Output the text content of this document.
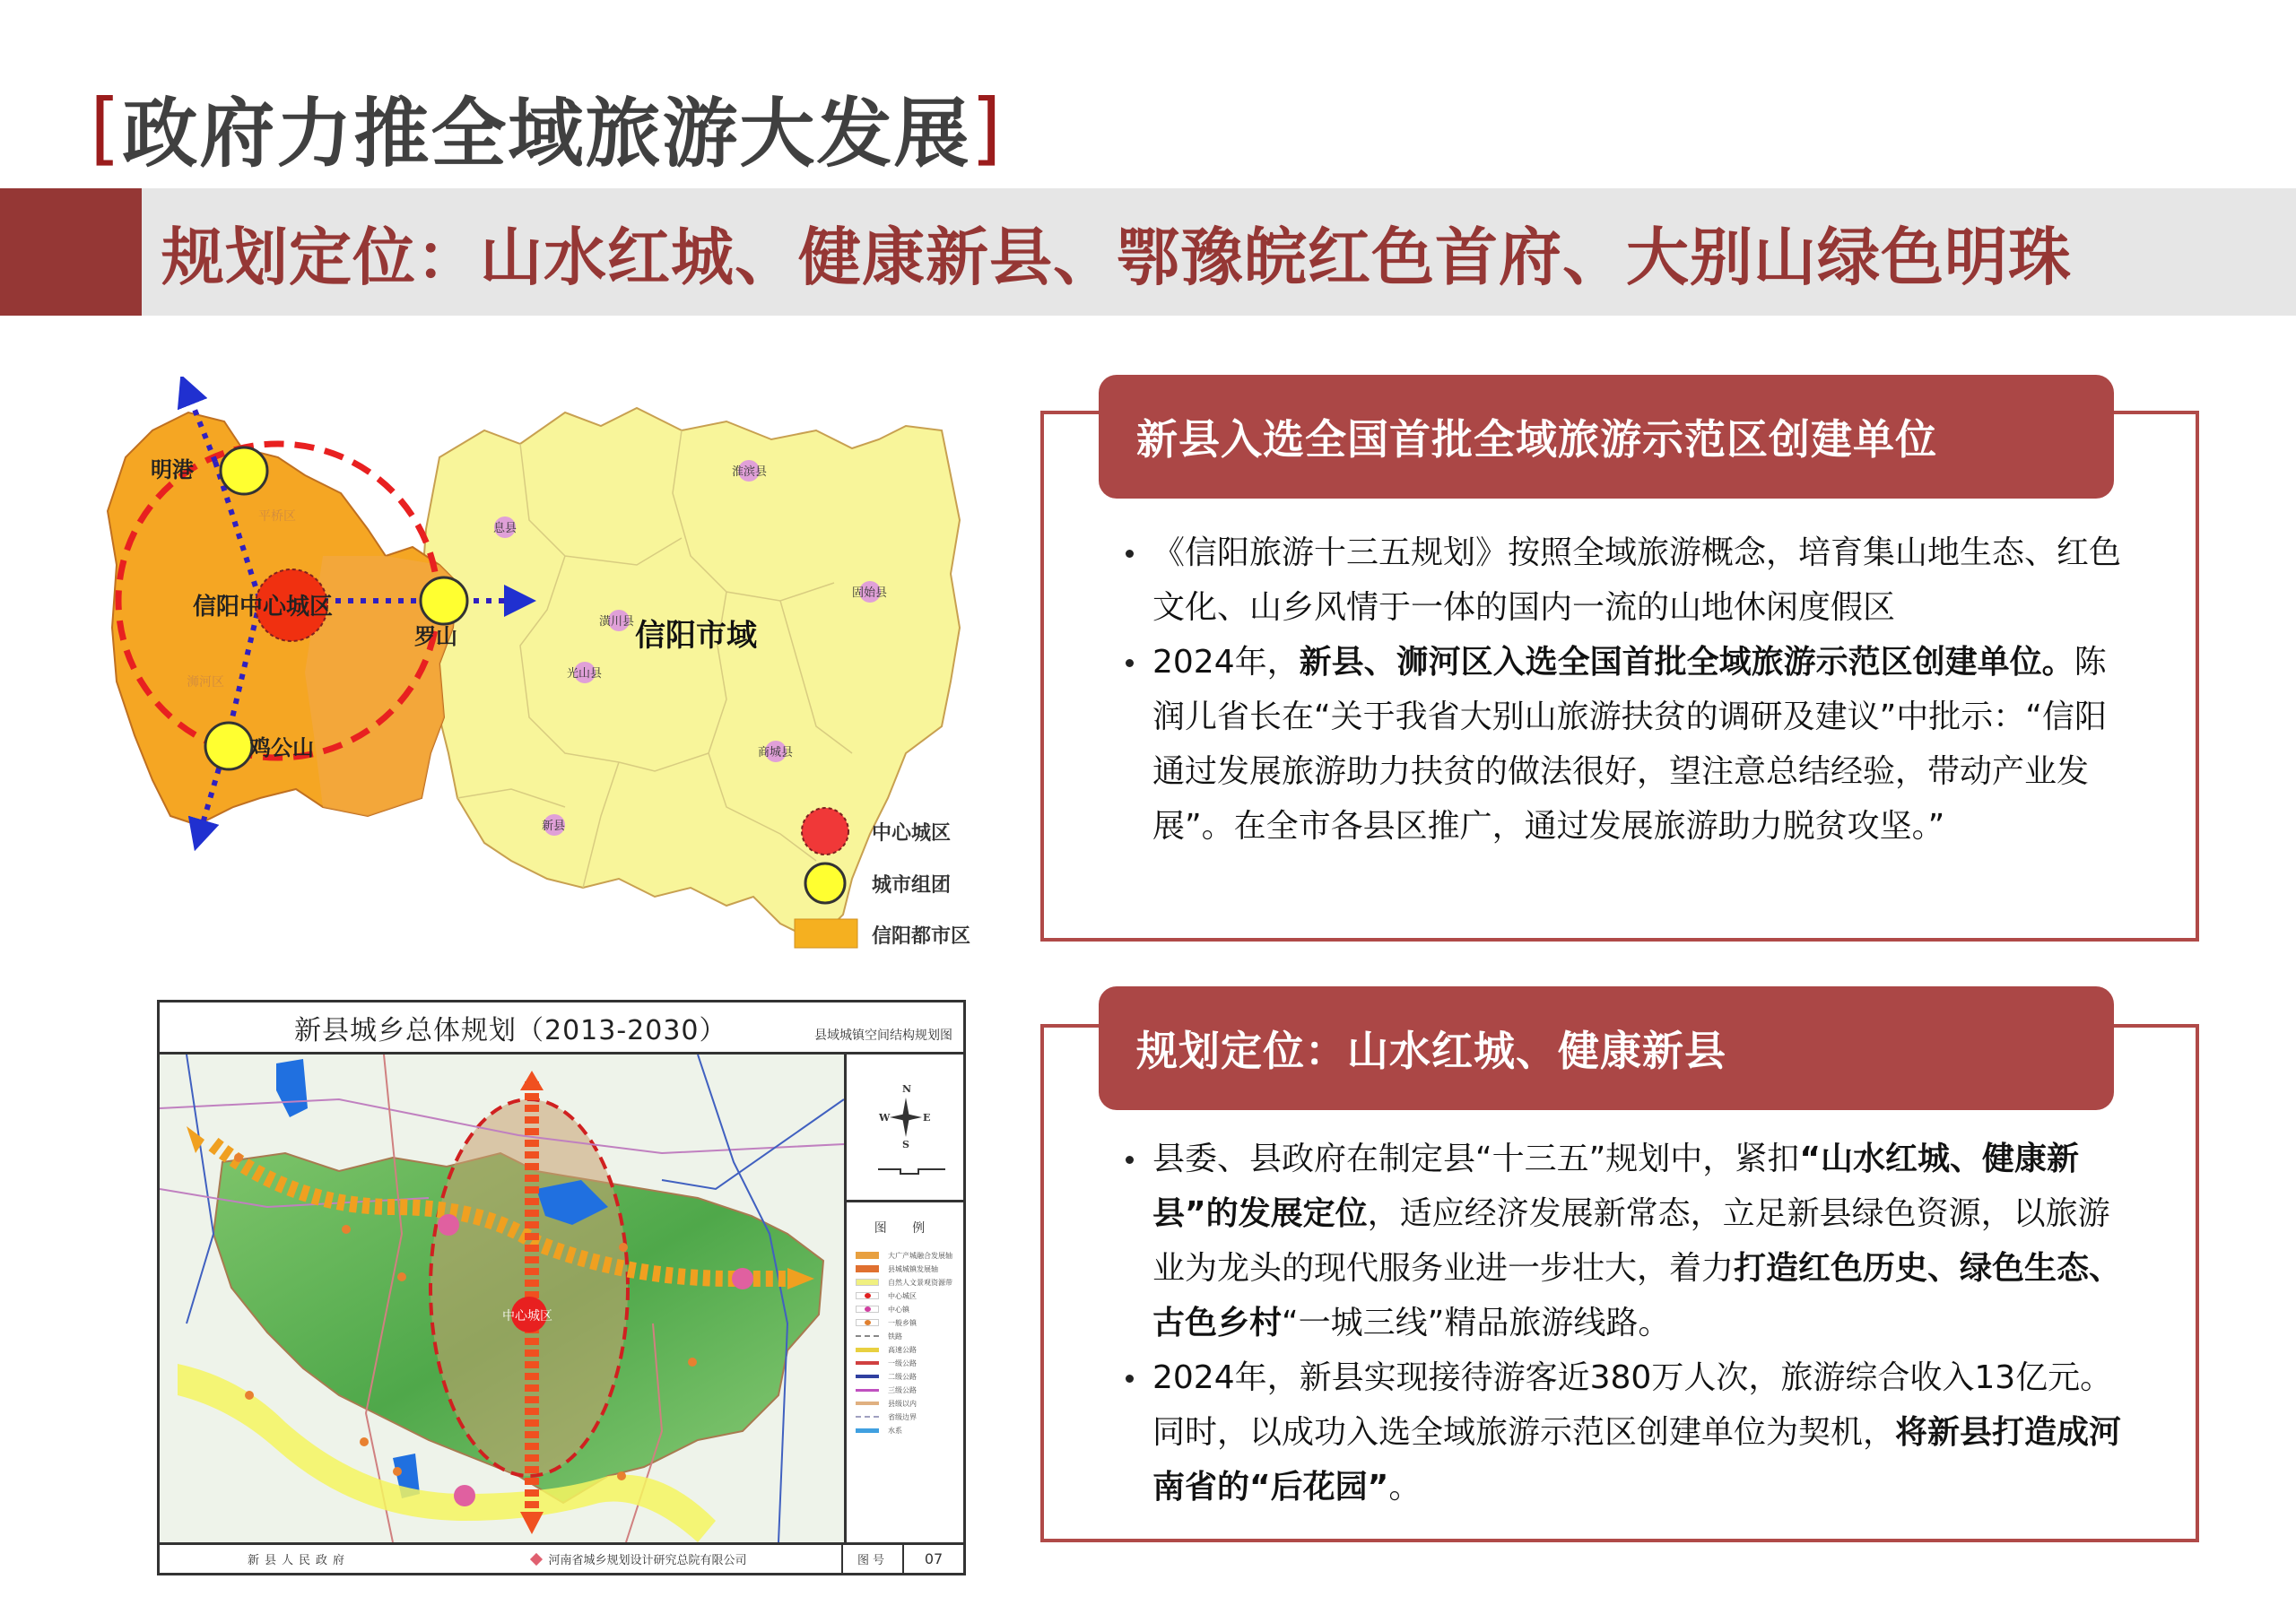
[ 政府力推全域旅游大发展 ]
规划定位：山水红城、健康新县、鄂豫皖红色首府、大别山绿色明珠
明港
罗山
鸡公山
信阳中心城区
平桥区
浉河区
信阳市域
淮滨县
息县
固始县
潢川县
光山县
商城县
新县	中心城区
城市组团
信阳都市区
新县城乡总体规划（2013-2030）	县域城镇空间结构规划图
中心城区
N
S
E
W
图 例
大广产城融合发展轴
县城城镇发展轴
自然人文景观资源带
中心城区
中心镇
一般乡镇
铁路
高速公路
一级公路
二级公路
三级公路
县级以内
省级边界
水系
新县人民政府	河南省城乡规划设计研究总院有限公司	图号	07
新县入选全国首批全域旅游示范区创建单位

《信阳旅游十三五规划》按照全域旅游概念，培育集山地生态、红色文化、山乡风情于一体的国内一流的山地休闲度假区

2024年，新县、浉河区入选全国首批全域旅游示范区创建单位。陈润儿省长在“关于我省大别山旅游扶贫的调研及建议”中批示：“信阳通过发展旅游助力扶贫的做法很好，望注意总结经验，带动产业发展”。在全市各县区推广，通过发展旅游助力脱贫攻坚。”

规划定位：山水红城、健康新县

县委、县政府在制定县“十三五”规划中，紧扣“山水红城、健康新县”的发展定位，适应经济发展新常态，立足新县绿色资源，以旅游业为龙头的现代服务业进一步壮大，着力打造红色历史、绿色生态、古色乡村“一城三线”精品旅游线路。

2024年，新县实现接待游客近380万人次，旅游综合收入13亿元。同时，以成功入选全域旅游示范区创建单位为契机，将新县打造成河南省的“后花园”。
